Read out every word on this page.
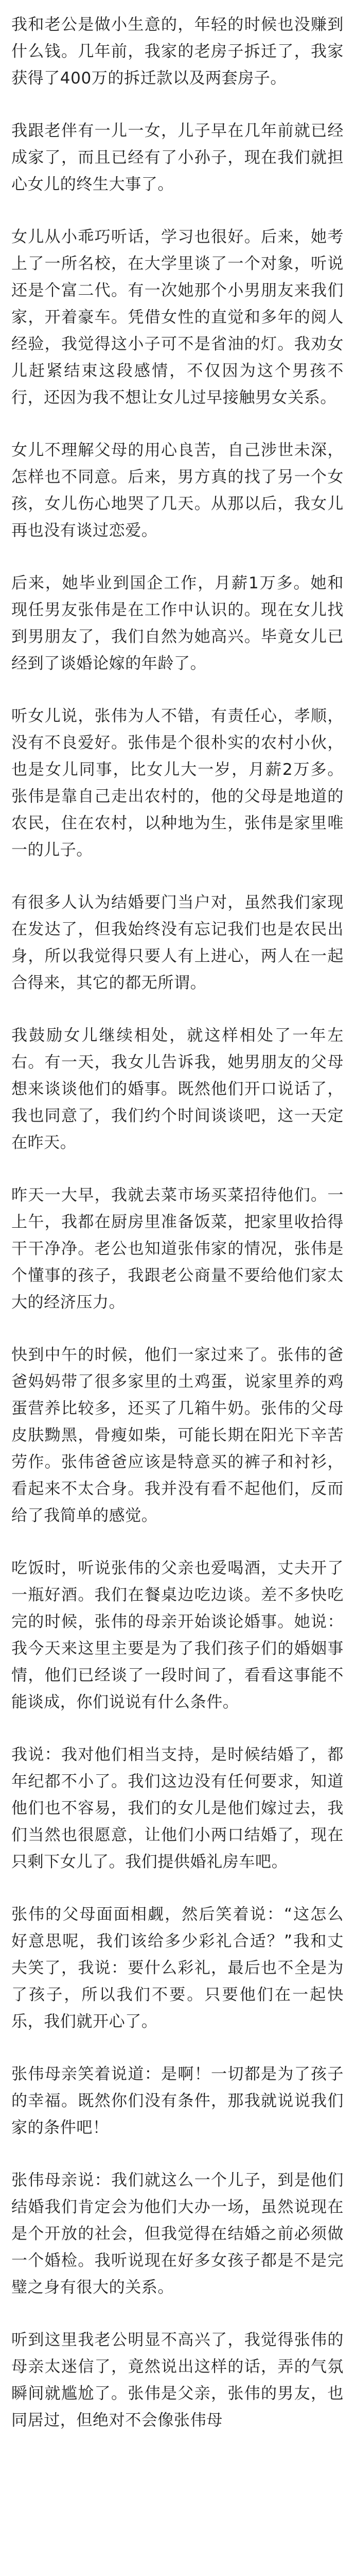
我和老公是做小生意的，年轻的时候也没赚到什么钱。几年前，我家的老房子拆迁了，我家获得了400万的拆迁款以及两套房子。

我跟老伴有一儿一女，儿子早在几年前就已经成家了，而且已经有了小孙子，现在我们就担心女儿的终生大事了。

女儿从小乖巧听话，学习也很好。后来，她考上了一所名校，在大学里谈了一个对象，听说还是个富二代。有一次她那个小男朋友来我们家，开着豪车。凭借女性的直觉和多年的阅人经验，我觉得这小子可不是省油的灯。我劝女儿赶紧结束这段感情，不仅因为这个男孩不行，还因为我不想让女儿过早接触男女关系。

女儿不理解父母的用心良苦，自己涉世未深，怎样也不同意。后来，男方真的找了另一个女孩，女儿伤心地哭了几天。从那以后，我女儿再也没有谈过恋爱。

后来，她毕业到国企工作，月薪1万多。她和现任男友张伟是在工作中认识的。现在女儿找到男朋友了，我们自然为她高兴。毕竟女儿已经到了谈婚论嫁的年龄了。

听女儿说，张伟为人不错，有责任心，孝顺，没有不良爱好。张伟是个很朴实的农村小伙，也是女儿同事，比女儿大一岁，月薪2万多。张伟是靠自己走出农村的，他的父母是地道的农民，住在农村，以种地为生，张伟是家里唯一的儿子。

有很多人认为结婚要门当户对，虽然我们家现在发达了，但我始终没有忘记我们也是农民出身，所以我觉得只要人有上进心，两人在一起合得来，其它的都无所谓。

我鼓励女儿继续相处，就这样相处了一年左右。有一天，我女儿告诉我，她男朋友的父母想来谈谈他们的婚事。既然他们开口说话了，我也同意了，我们约个时间谈谈吧，这一天定在昨天。

昨天一大早，我就去菜市场买菜招待他们。一上午，我都在厨房里准备饭菜，把家里收拾得干干净净。老公也知道张伟家的情况，张伟是个懂事的孩子，我跟老公商量不要给他们家太大的经济压力。

快到中午的时候，他们一家过来了。张伟的爸爸妈妈带了很多家里的土鸡蛋，说家里养的鸡蛋营养比较多，还买了几箱牛奶。张伟的父母皮肤黝黑，骨瘦如柴，可能长期在阳光下辛苦劳作。张伟爸爸应该是特意买的裤子和衬衫，看起来不太合身。我并没有看不起他们，反而给了我简单的感觉。

吃饭时，听说张伟的父亲也爱喝酒，丈夫开了一瓶好酒。我们在餐桌边吃边谈。差不多快吃完的时候，张伟的母亲开始谈论婚事。她说：我今天来这里主要是为了我们孩子们的婚姻事情，他们已经谈了一段时间了，看看这事能不能谈成，你们说说有什么条件。

我说：我对他们相当支持，是时候结婚了，都年纪都不小了。我们这边没有任何要求，知道他们也不容易，我们的女儿是他们嫁过去，我们当然也很愿意，让他们小两口结婚了，现在只剩下女儿了。我们提供婚礼房车吧。

张伟的父母面面相觑，然后笑着说：“这怎么好意思呢，我们该给多少彩礼合适？”我和丈夫笑了，我说：要什么彩礼，最后也不全是为了孩子，所以我们不要。只要他们在一起快乐，我们就开心了。

张伟母亲笑着说道：是啊！一切都是为了孩子的幸福。既然你们没有条件，那我就说说我们家的条件吧！

张伟母亲说：我们就这么一个儿子，到是他们结婚我们肯定会为他们大办一场，虽然说现在是个开放的社会，但我觉得在结婚之前必须做一个婚检。我听说现在好多女孩子都是不是完璧之身有很大的关系。

听到这里我老公明显不高兴了，我觉得张伟的母亲太迷信了，竟然说出这样的话，弄的气氛瞬间就尴尬了。张伟是父亲，张伟的男友，也同居过，但绝对不会像张伟母
